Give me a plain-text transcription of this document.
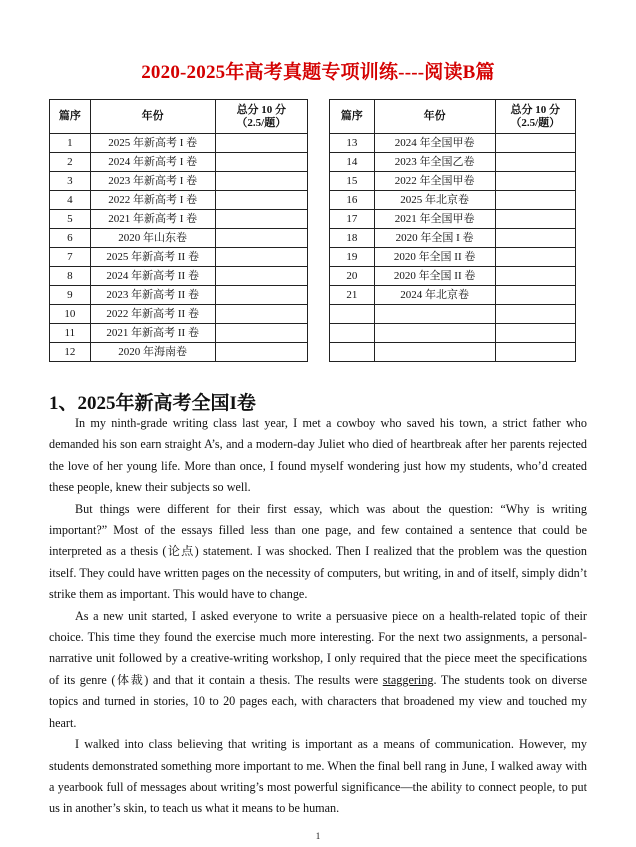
2020-2025年高考真题专项训练----阅读B篇
篇序	年份	总分 10 分
（2.5/题）
1	2025 年新高考 I 卷	
2	2024 年新高考 I 卷	
3	2023 年新高考 I 卷	
4	2022 年新高考 I 卷	
5	2021 年新高考 I 卷	
6	2020 年山东卷	
7	2025 年新高考 II 卷	
8	2024 年新高考 II 卷	
9	2023 年新高考 II 卷	
10	2022 年新高考 II 卷	
11	2021 年新高考 II 卷	
12	2020 年海南卷	
篇序	年份	总分 10 分
（2.5/题）
13	2024 年全国甲卷	
14	2023 年全国乙卷	
15	2022 年全国甲卷	
16	2025 年北京卷	
17	2021 年全国甲卷	
18	2020 年全国 I 卷	
19	2020 年全国 II 卷	
20	2020 年全国 II 卷	
21	2024 年北京卷	

1、2025年新高考全国I卷

In my ninth-grade writing class last year, I met a cowboy who saved his town, a strict father who demanded his son earn straight A’s, and a modern-day Juliet who died of heartbreak after her parents rejected the love of her young life. More than once, I found myself wondering just how my students, who’d created these people, knew their subjects so well.

But things were different for their first essay, which was about the question: “Why is writing important?” Most of the essays filled less than one page, and few contained a sentence that could be interpreted as a thesis (论点) statement. I was shocked. Then I realized that the problem was the question itself. They could have written pages on the necessity of computers, but writing, in and of itself, simply didn’t strike them as important. This would have to change.

As a new unit started, I asked everyone to write a persuasive piece on a health-related topic of their choice. This time they found the exercise much more interesting. For the next two assignments, a personal-narrative unit followed by a creative-writing workshop, I only required that the piece meet the specifications of its genre (体裁) and that it contain a thesis. The results were staggering. The students took on diverse topics and turned in stories, 10 to 20 pages each, with characters that broadened my view and touched my heart.

I walked into class believing that writing is important as a means of communication. However, my students demonstrated something more important to me. When the final bell rang in June, I walked away with a yearbook full of messages about writing’s most powerful significance—the ability to connect people, to put us in another’s skin, to teach us what it means to be human.

1
